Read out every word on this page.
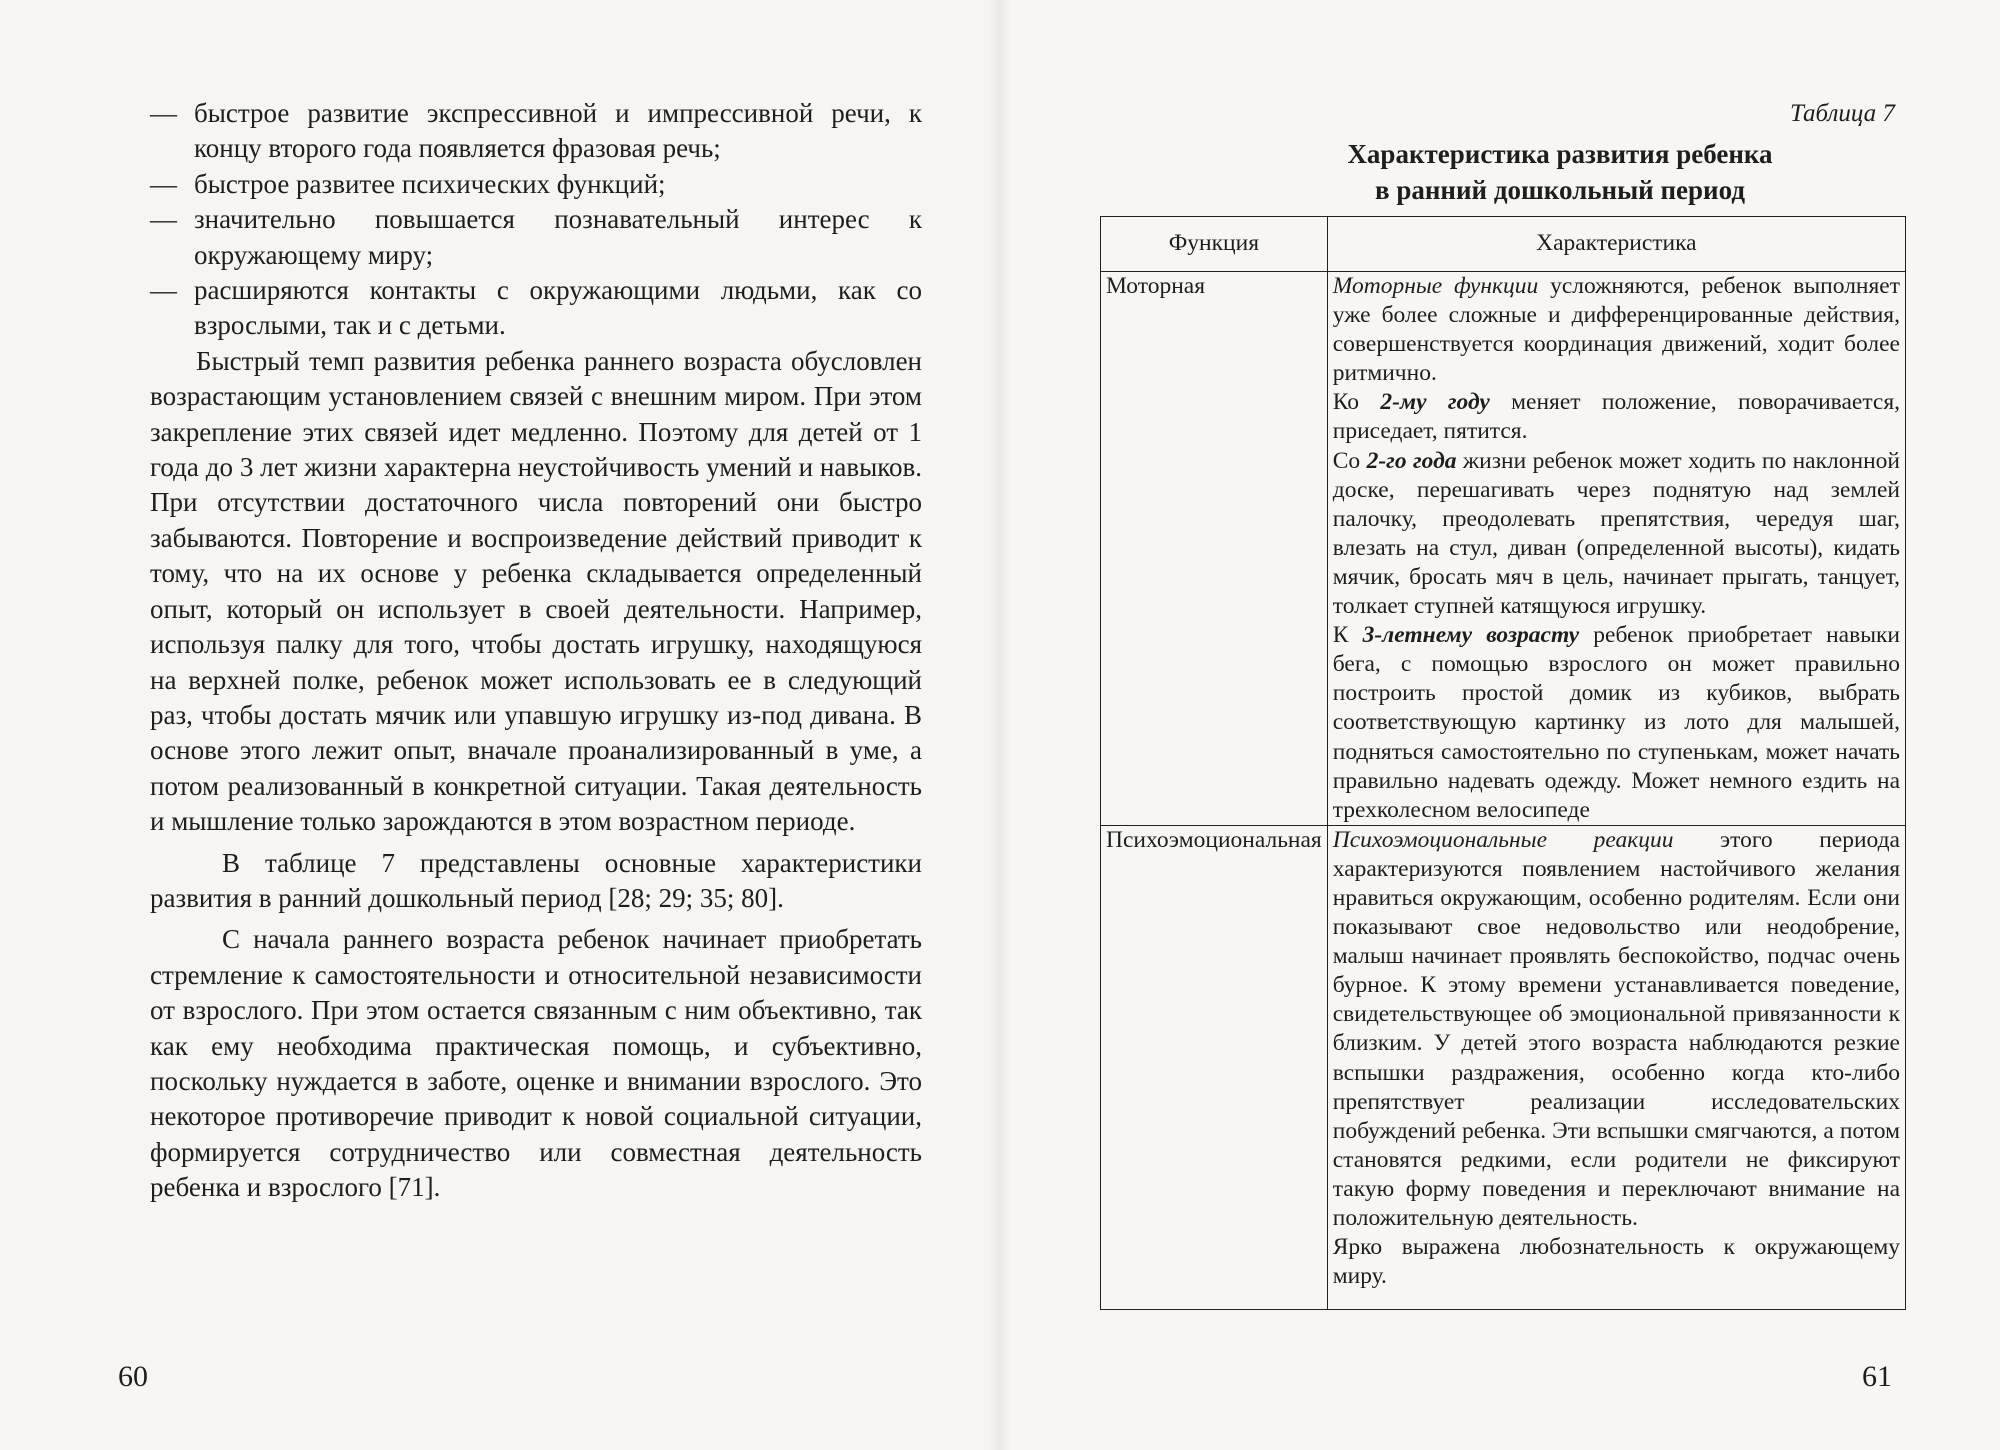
— быстрое развитие экспрессивной и импрессивной речи, к концу второго года появляется фразовая речь;
— быстрое развитее психических функций;
— значительно повышается познавательный интерес к окружающему миру;
— расширяются контакты с окружающими людьми, как со взрослыми, так и с детьми.

Быстрый темп развития ребенка раннего возраста обусловлен возрастающим установлением связей с внешним миром. При этом закрепление этих связей идет медленно. Поэтому для детей от 1 года до 3 лет жизни характерна неустойчивость умений и навыков. При отсутствии достаточного числа повторений они быстро забываются. Повторение и воспроизведение действий приводит к тому, что на их основе у ребенка складывается определенный опыт, который он использует в своей деятельности. Например, используя палку для того, чтобы достать игрушку, находящуюся на верхней полке, ребенок может использовать ее в следующий раз, чтобы достать мячик или упавшую игрушку из-под дивана. В основе этого лежит опыт, вначале проанализированный в уме, а потом реализованный в конкретной ситуации. Такая деятельность и мышление только зарождаются в этом возрастном периоде.

В таблице 7 представлены основные характеристики развития в ранний дошкольный период [28; 29; 35; 80].

С начала раннего возраста ребенок начинает приобретать стремление к самостоятельности и относительной независимости от взрослого. При этом остается связанным с ним объективно, так как ему необходима практическая помощь, и субъективно, поскольку нуждается в заботе, оценке и внимании взрослого. Это некоторое противоречие приводит к новой социальной ситуации, формируется сотрудничество или совместная деятельность ребенка и взрослого [71].

60
Таблица 7
Характеристика развития ребенка
в ранний дошкольный период
Функция	Характеристика
Моторная	Моторные функции усложняются, ребенок выполняет уже более сложные и дифференцированные действия, совершенствуется координация движений, ходит более ритмично.
Ко 2-му году меняет положение, поворачивается, приседает, пятится.
Со 2-го года жизни ребенок может ходить по наклонной доске, перешагивать через поднятую над землей палочку, преодолевать препятствия, чередуя шаг, влезать на стул, диван (определенной высоты), кидать мячик, бросать мяч в цель, начинает прыгать, танцует, толкает ступней катящуюся игрушку.
К 3-летнему возрасту ребенок приобретает навыки бега, с помощью взрослого он может правильно построить простой домик из кубиков, выбрать соответствующую картинку из лото для малышей, подняться самостоятельно по ступенькам, может начать правильно надевать одежду. Может немного ездить на трехколесном велосипеде

Психоэмоциональная	Психоэмоциональные реакции этого периода характеризуются появлением настойчивого желания нравиться окружающим, особенно родителям. Если они показывают свое недовольство или неодобрение, малыш начинает проявлять беспокойство, подчас очень бурное. К этому времени устанавливается поведение, свидетельствующее об эмоциональной привязанности к близким. У детей этого возраста наблюдаются резкие вспышки раздражения, особенно когда кто-либо препятствует реализации исследовательских побуждений ребенка. Эти вспышки смягчаются, а потом становятся редкими, если родители не фиксируют такую форму поведения и переключают внимание на положительную деятельность.
Ярко выражена любознательность к окружающему миру.
61
